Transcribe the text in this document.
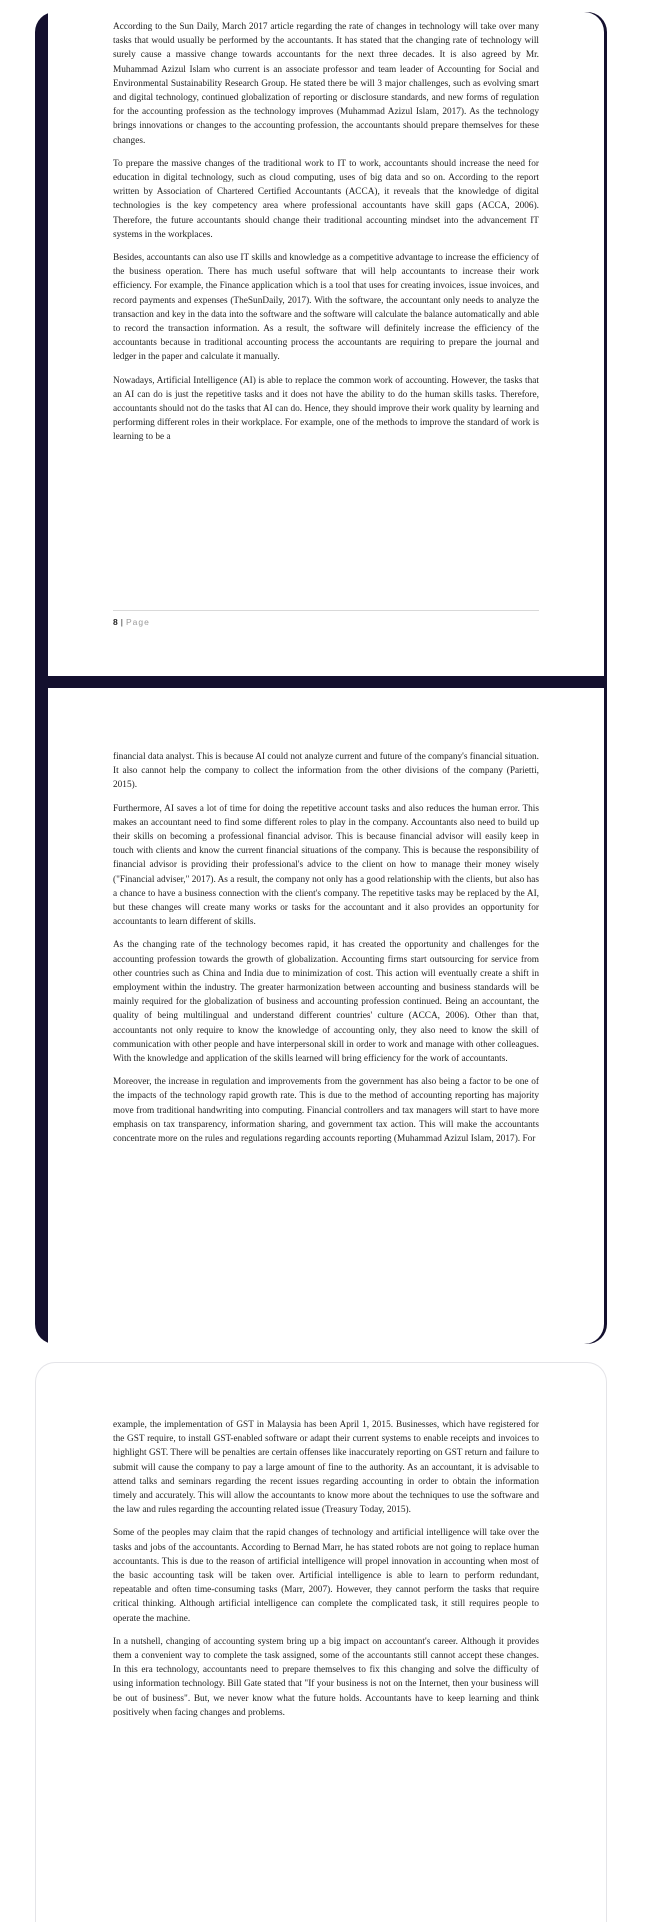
According to the Sun Daily, March 2017 article regarding the rate of changes in technology will take over many tasks that would usually be performed by the accountants. It has stated that the changing rate of technology will surely cause a massive change towards accountants for the next three decades. It is also agreed by Mr. Muhammad Azizul Islam who current is an associate professor and team leader of Accounting for Social and Environmental Sustainability Research Group. He stated there be will 3 major challenges, such as evolving smart and digital technology, continued globalization of reporting or disclosure standards, and new forms of regulation for the accounting profession as the technology improves (Muhammad Azizul Islam, 2017). As the technology brings innovations or changes to the accounting profession, the accountants should prepare themselves for these changes.

To prepare the massive changes of the traditional work to IT to work, accountants should increase the need for education in digital technology, such as cloud computing, uses of big data and so on. According to the report written by Association of Chartered Certified Accountants (ACCA), it reveals that the knowledge of digital technologies is the key competency area where professional accountants have skill gaps (ACCA, 2006). Therefore, the future accountants should change their traditional accounting mindset into the advancement IT systems in the workplaces.

Besides, accountants can also use IT skills and knowledge as a competitive advantage to increase the efficiency of the business operation. There has much useful software that will help accountants to increase their work efficiency. For example, the Finance application which is a tool that uses for creating invoices, issue invoices, and record payments and expenses (TheSunDaily, 2017). With the software, the accountant only needs to analyze the transaction and key in the data into the software and the software will calculate the balance automatically and able to record the transaction information. As a result, the software will definitely increase the efficiency of the accountants because in traditional accounting process the accountants are requiring to prepare the journal and ledger in the paper and calculate it manually.

Nowadays, Artificial Intelligence (AI) is able to replace the common work of accounting. However, the tasks that an AI can do is just the repetitive tasks and it does not have the ability to do the human skills tasks. Therefore, accountants should not do the tasks that AI can do. Hence, they should improve their work quality by learning and performing different roles in their workplace. For example, one of the methods to improve the standard of work is learning to be a

8 | Page

financial data analyst. This is because AI could not analyze current and future of the company's financial situation. It also cannot help the company to collect the information from the other divisions of the company (Parietti, 2015).

Furthermore, AI saves a lot of time for doing the repetitive account tasks and also reduces the human error. This makes an accountant need to find some different roles to play in the company. Accountants also need to build up their skills on becoming a professional financial advisor. This is because financial advisor will easily keep in touch with clients and know the current financial situations of the company. This is because the responsibility of financial advisor is providing their professional's advice to the client on how to manage their money wisely ("Financial adviser," 2017). As a result, the company not only has a good relationship with the clients, but also has a chance to have a business connection with the client's company. The repetitive tasks may be replaced by the AI, but these changes will create many works or tasks for the accountant and it also provides an opportunity for accountants to learn different of skills.

As the changing rate of the technology becomes rapid, it has created the opportunity and challenges for the accounting profession towards the growth of globalization. Accounting firms start outsourcing for service from other countries such as China and India due to minimization of cost. This action will eventually create a shift in employment within the industry. The greater harmonization between accounting and business standards will be mainly required for the globalization of business and accounting profession continued. Being an accountant, the quality of being multilingual and understand different countries' culture (ACCA, 2006). Other than that, accountants not only require to know the knowledge of accounting only, they also need to know the skill of communication with other people and have interpersonal skill in order to work and manage with other colleagues. With the knowledge and application of the skills learned will bring efficiency for the work of accountants.

Moreover, the increase in regulation and improvements from the government has also being a factor to be one of the impacts of the technology rapid growth rate. This is due to the method of accounting reporting has majority move from traditional handwriting into computing. Financial controllers and tax managers will start to have more emphasis on tax transparency, information sharing, and government tax action. This will make the accountants concentrate more on the rules and regulations regarding accounts reporting (Muhammad Azizul Islam, 2017). For

example, the implementation of GST in Malaysia has been April 1, 2015. Businesses, which have registered for the GST require, to install GST-enabled software or adapt their current systems to enable receipts and invoices to highlight GST. There will be penalties are certain offenses like inaccurately reporting on GST return and failure to submit will cause the company to pay a large amount of fine to the authority. As an accountant, it is advisable to attend talks and seminars regarding the recent issues regarding accounting in order to obtain the information timely and accurately. This will allow the accountants to know more about the techniques to use the software and the law and rules regarding the accounting related issue (Treasury Today, 2015).

Some of the peoples may claim that the rapid changes of technology and artificial intelligence will take over the tasks and jobs of the accountants. According to Bernad Marr, he has stated robots are not going to replace human accountants. This is due to the reason of artificial intelligence will propel innovation in accounting when most of the basic accounting task will be taken over. Artificial intelligence is able to learn to perform redundant, repeatable and often time-consuming tasks (Marr, 2007). However, they cannot perform the tasks that require critical thinking. Although artificial intelligence can complete the complicated task, it still requires people to operate the machine.

In a nutshell, changing of accounting system bring up a big impact on accountant's career. Although it provides them a convenient way to complete the task assigned, some of the accountants still cannot accept these changes. In this era technology, accountants need to prepare themselves to fix this changing and solve the difficulty of using information technology. Bill Gate stated that "If your business is not on the Internet, then your business will be out of business". But, we never know what the future holds. Accountants have to keep learning and think positively when facing changes and problems.
